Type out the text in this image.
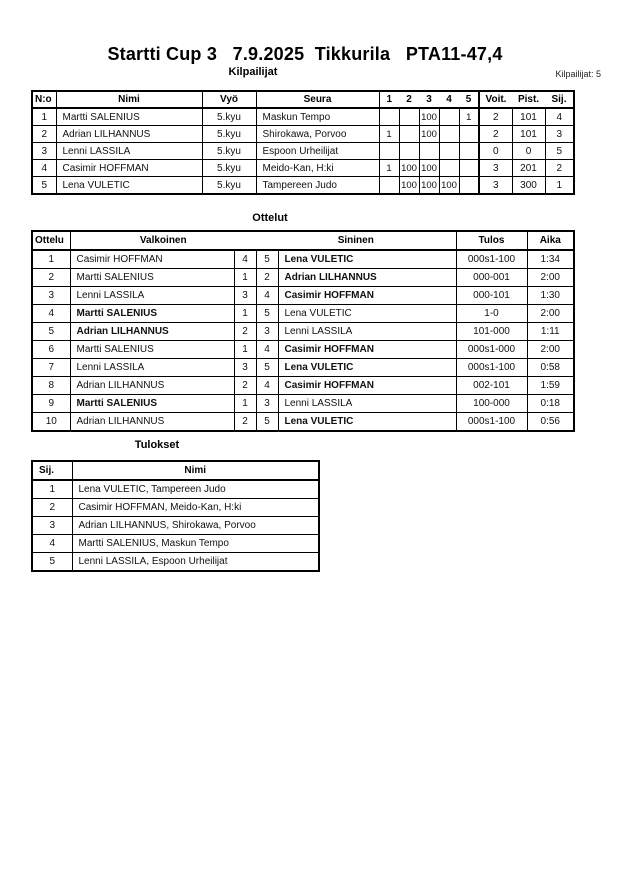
Startti Cup 3   7.9.2025  Tikkurila   PTA11-47,4
Kilpailijat	Kilpailijat: 5
N:o	Nimi	Vyö	Seura	1	2	3	4	5	Voit.	Pist.	Sij.
1	Martti SALENIUS	5.kyu	Maskun Tempo			100		1	2	101	4
2	Adrian LILHANNUS	5.kyu	Shirokawa, Porvoo	1		100			2	101	3
3	Lenni LASSILA	5.kyu	Espoon Urheilijat						0	0	5
4	Casimir HOFFMAN	5.kyu	Meido-Kan, H:ki	1	100	100			3	201	2
5	Lena VULETIC	5.kyu	Tampereen Judo		100	100	100		3	300	1
Ottelut
Ottelu	Valkoinen		Sininen		Tulos	Aika
1	Casimir HOFFMAN	4	5	Lena VULETIC	000s1-100	1:34
2	Martti SALENIUS	1	2	Adrian LILHANNUS	000-001	2:00
3	Lenni LASSILA	3	4	Casimir HOFFMAN	000-101	1:30
4	Martti SALENIUS	1	5	Lena VULETIC	1-0	2:00
5	Adrian LILHANNUS	2	3	Lenni LASSILA	101-000	1:11
6	Martti SALENIUS	1	4	Casimir HOFFMAN	000s1-000	2:00
7	Lenni LASSILA	3	5	Lena VULETIC	000s1-100	0:58
8	Adrian LILHANNUS	2	4	Casimir HOFFMAN	002-101	1:59
9	Martti SALENIUS	1	3	Lenni LASSILA	100-000	0:18
10	Adrian LILHANNUS	2	5	Lena VULETIC	000s1-100	0:56
Tulokset
Sij.	Nimi
1	Lena VULETIC, Tampereen Judo
2	Casimir HOFFMAN, Meido-Kan, H:ki
3	Adrian LILHANNUS, Shirokawa, Porvoo
4	Martti SALENIUS, Maskun Tempo
5	Lenni LASSILA, Espoon Urheilijat
